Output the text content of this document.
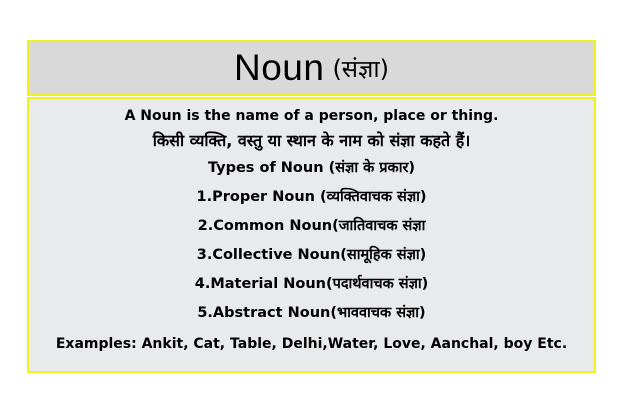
Noun (संज्ञा)
A Noun is the name of a person, place or thing.
किसी व्यक्ति, वस्तु या स्थान के नाम को संज्ञा कहते हैं।
Types of Noun (संज्ञा के प्रकार)
1.Proper Noun (व्यक्तिवाचक संज्ञा)
2.Common Noun(जातिवाचक संज्ञा
3.Collective Noun(सामूहिक संज्ञा)
4.Material Noun(पदार्थवाचक संज्ञा)
5.Abstract Noun(भाववाचक संज्ञा)
Examples: Ankit, Cat, Table, Delhi,Water, Love, Aanchal, boy Etc.
